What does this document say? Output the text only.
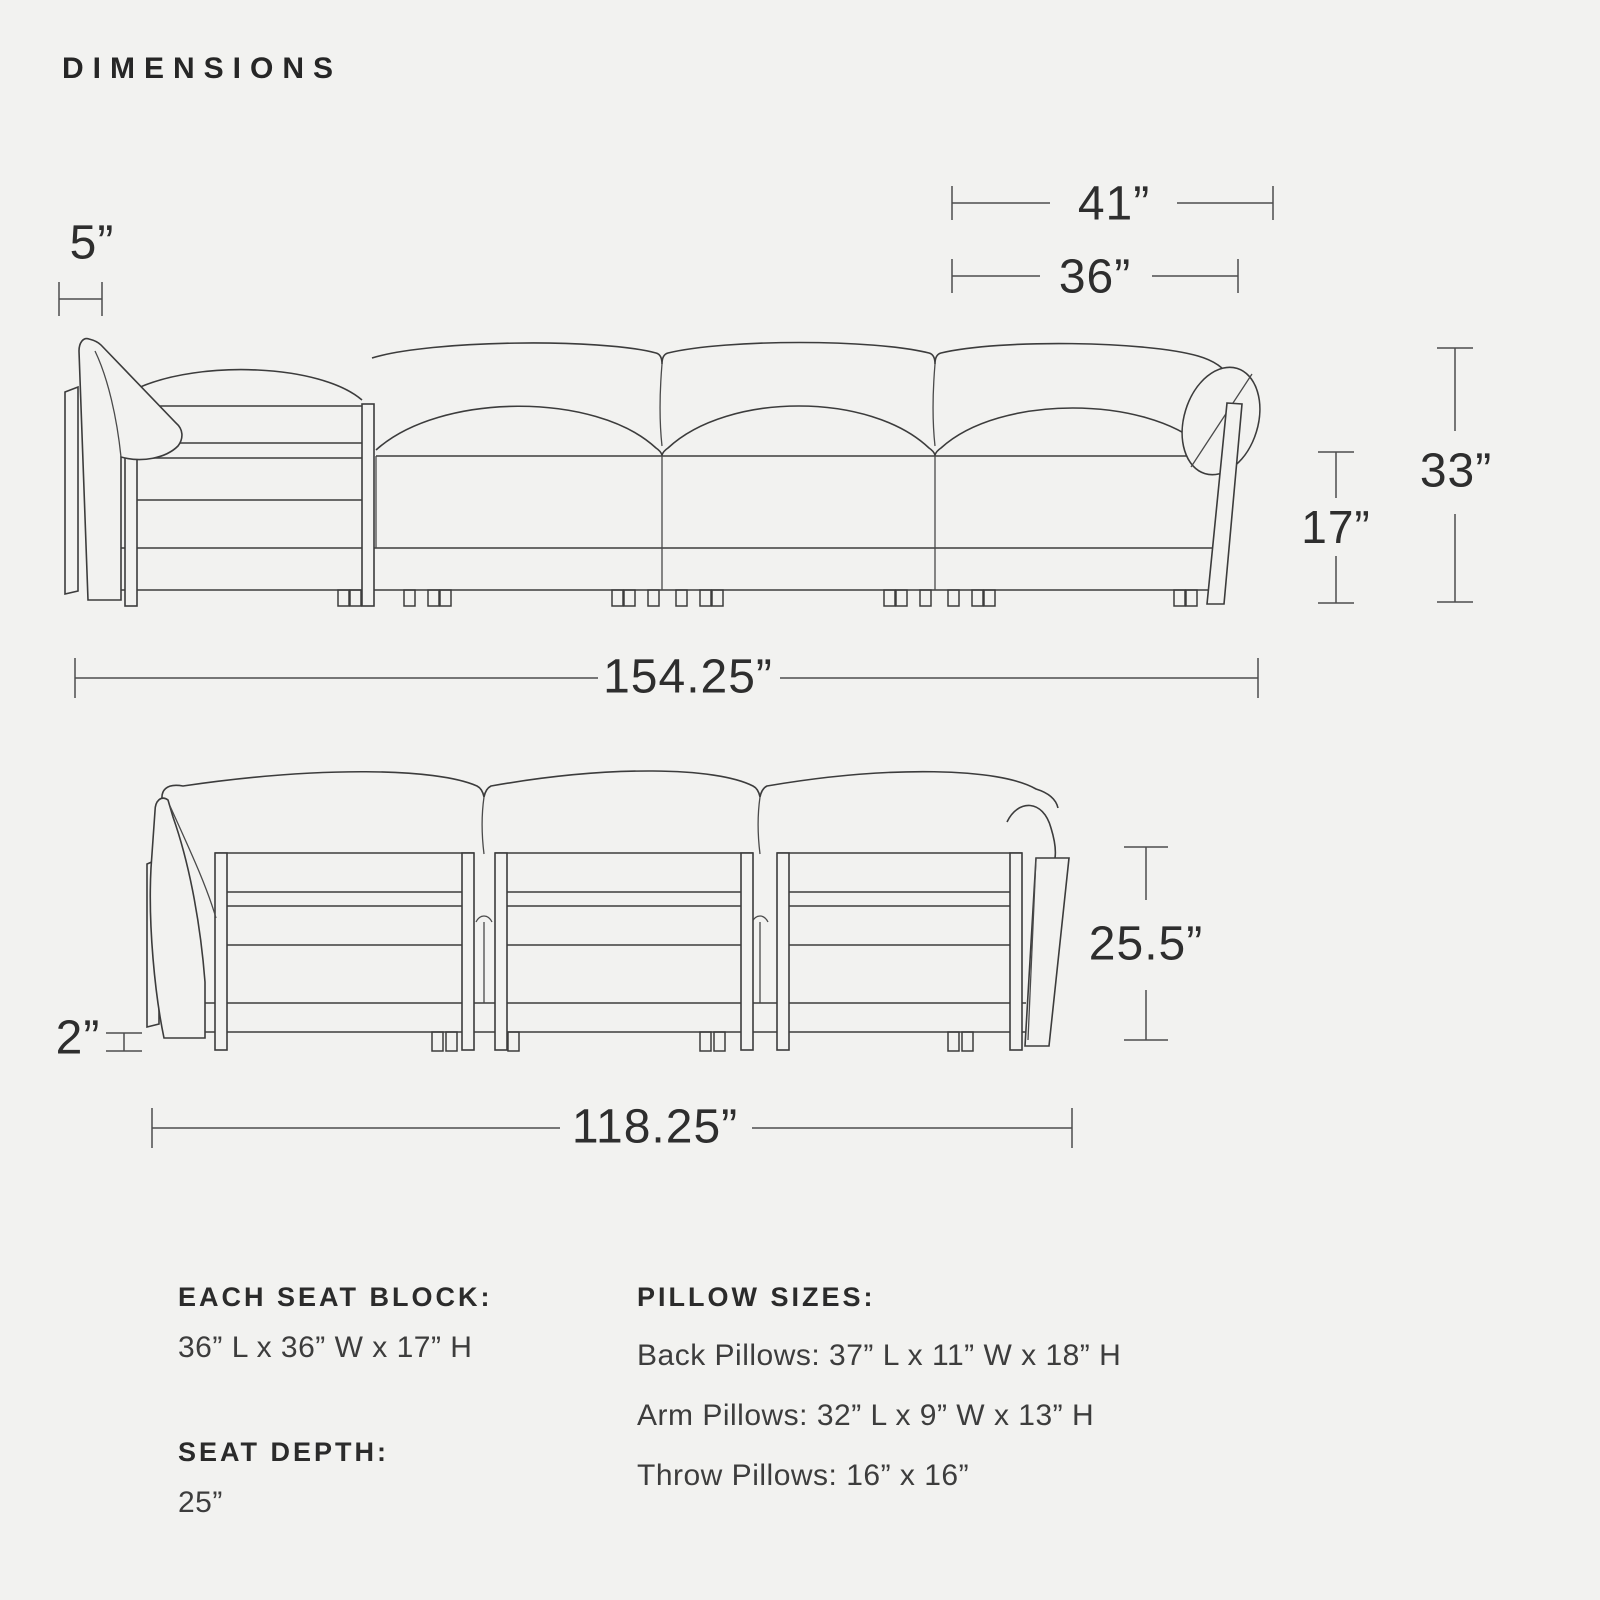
DIMENSIONS
5”
41”
36”
17”
33”
154.25”
25.5”
2”
118.25”
EACH SEAT BLOCK:
36” L x 36” W x 17” H
SEAT DEPTH:
25”
PILLOW SIZES:
Back Pillows: 37” L x 11” W x 18” H
Arm Pillows: 32” L x 9” W x 13” H
Throw Pillows: 16” x 16”
